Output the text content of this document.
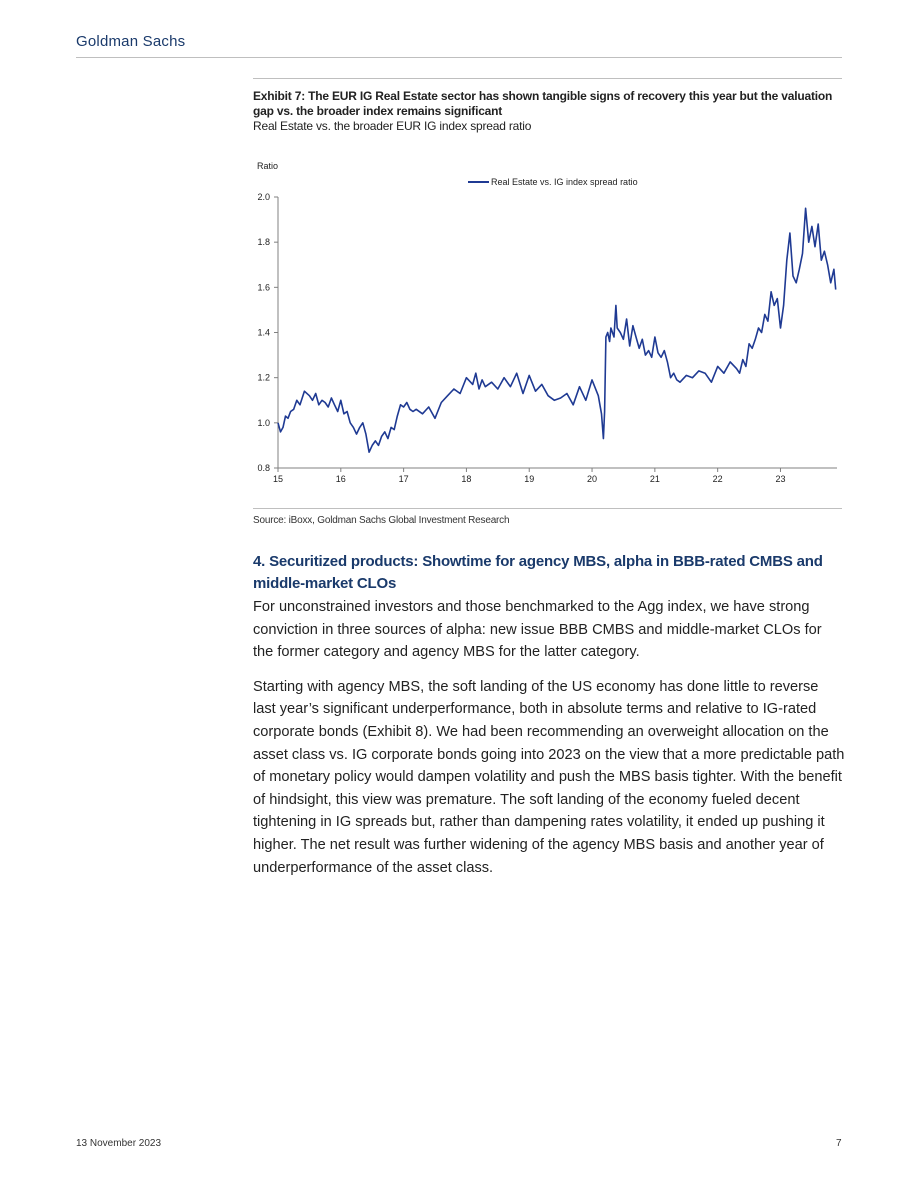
Goldman Sachs
Exhibit 7: The EUR IG Real Estate sector has shown tangible signs of recovery this year but the valuation gap vs. the broader index remains significant
Real Estate vs. the broader EUR IG index spread ratio
Ratio
0.8
1.0
1.2
1.4
1.6
1.8
2.0
15	16	17	18	19	20	21	22	23
Real Estate vs. IG index spread ratio
Source: iBoxx, Goldman Sachs Global Investment Research
4. Securitized products: Showtime for agency MBS, alpha in BBB-rated CMBS and middle-market CLOs

For unconstrained investors and those benchmarked to the Agg index, we have strong conviction in three sources of alpha: new issue BBB CMBS and middle-market CLOs for the former category and agency MBS for the latter category.

Starting with agency MBS, the soft landing of the US economy has done little to reverse last year’s significant underperformance, both in absolute terms and relative to IG-rated corporate bonds (Exhibit 8). We had been recommending an overweight allocation on the asset class vs. IG corporate bonds going into 2023 on the view that a more predictable path of monetary policy would dampen volatility and push the MBS basis tighter. With the benefit of hindsight, this view was premature. The soft landing of the economy fueled decent tightening in IG spreads but, rather than dampening rates volatility, it ended up pushing it higher. The net result was further widening of the agency MBS basis and another year of underperformance of the asset class.

13 November 2023	7
